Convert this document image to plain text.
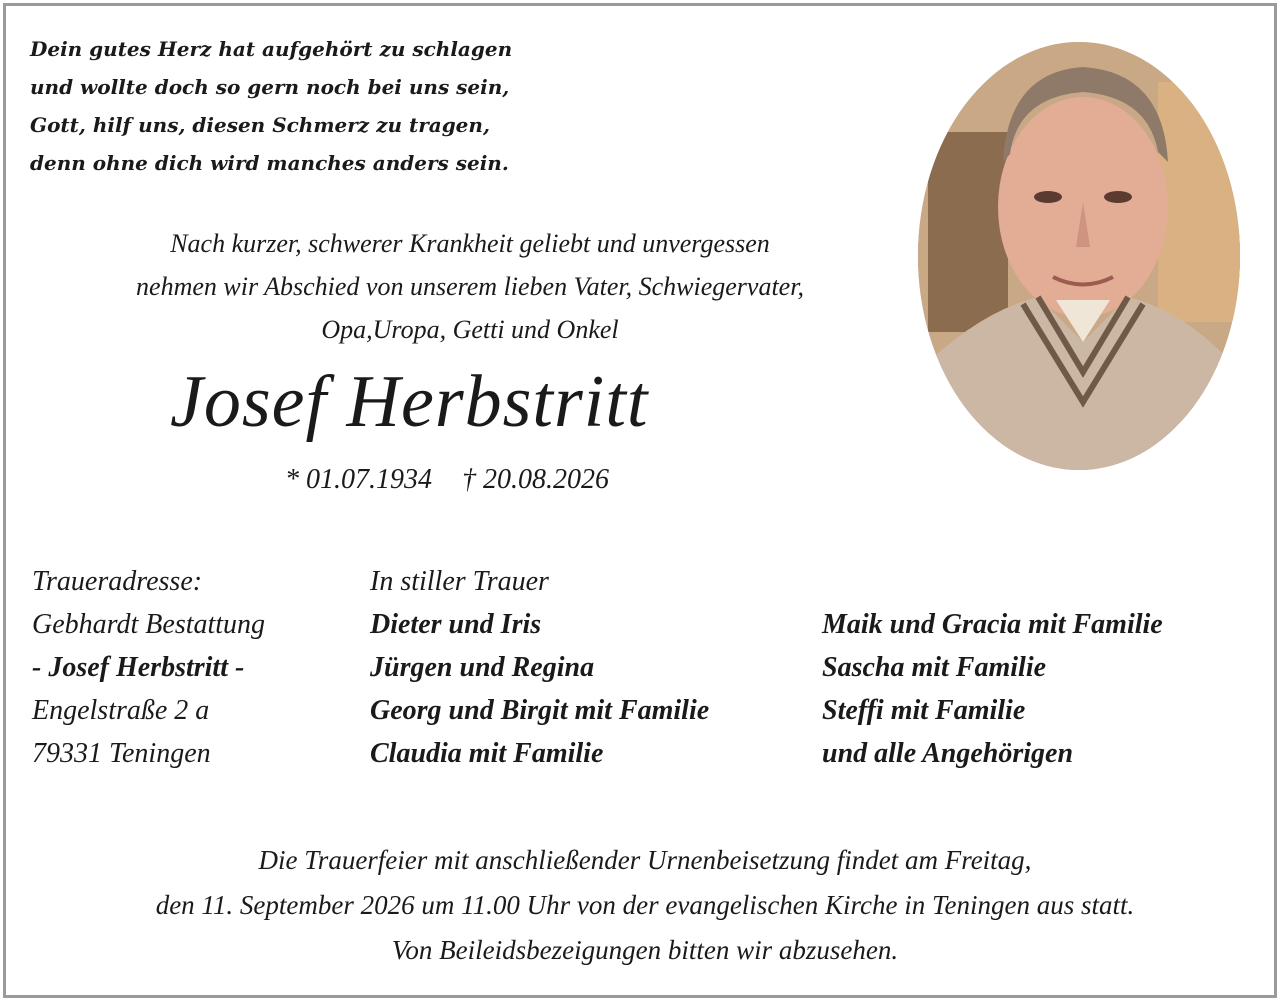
Dein gutes Herz hat aufgehört zu schlagen
und wollte doch so gern noch bei uns sein,
Gott, hilf uns, diesen Schmerz zu tragen,
denn ohne dich wird manches anders sein.
Nach kurzer, schwerer Krankheit geliebt und unvergessen
nehmen wir Abschied von unserem lieben Vater, Schwiegervater,
Opa,Uropa, Getti und Onkel
Josef Herbstritt
* 01.07.1934 † 20.08.2026
Traueradresse:
Gebhardt Bestattung
- Josef Herbstritt -
Engelstraße 2 a
79331 Teningen
In stiller Trauer
Dieter und Iris
Jürgen und Regina
Georg und Birgit mit Familie
Claudia mit Familie
Maik und Gracia mit Familie
Sascha mit Familie
Steffi mit Familie
und alle Angehörigen
Die Trauerfeier mit anschließender Urnenbeisetzung findet am Freitag,
den 11. September 2026 um 11.00 Uhr von der evangelischen Kirche in Teningen aus statt.
Von Beileidsbezeigungen bitten wir abzusehen.
